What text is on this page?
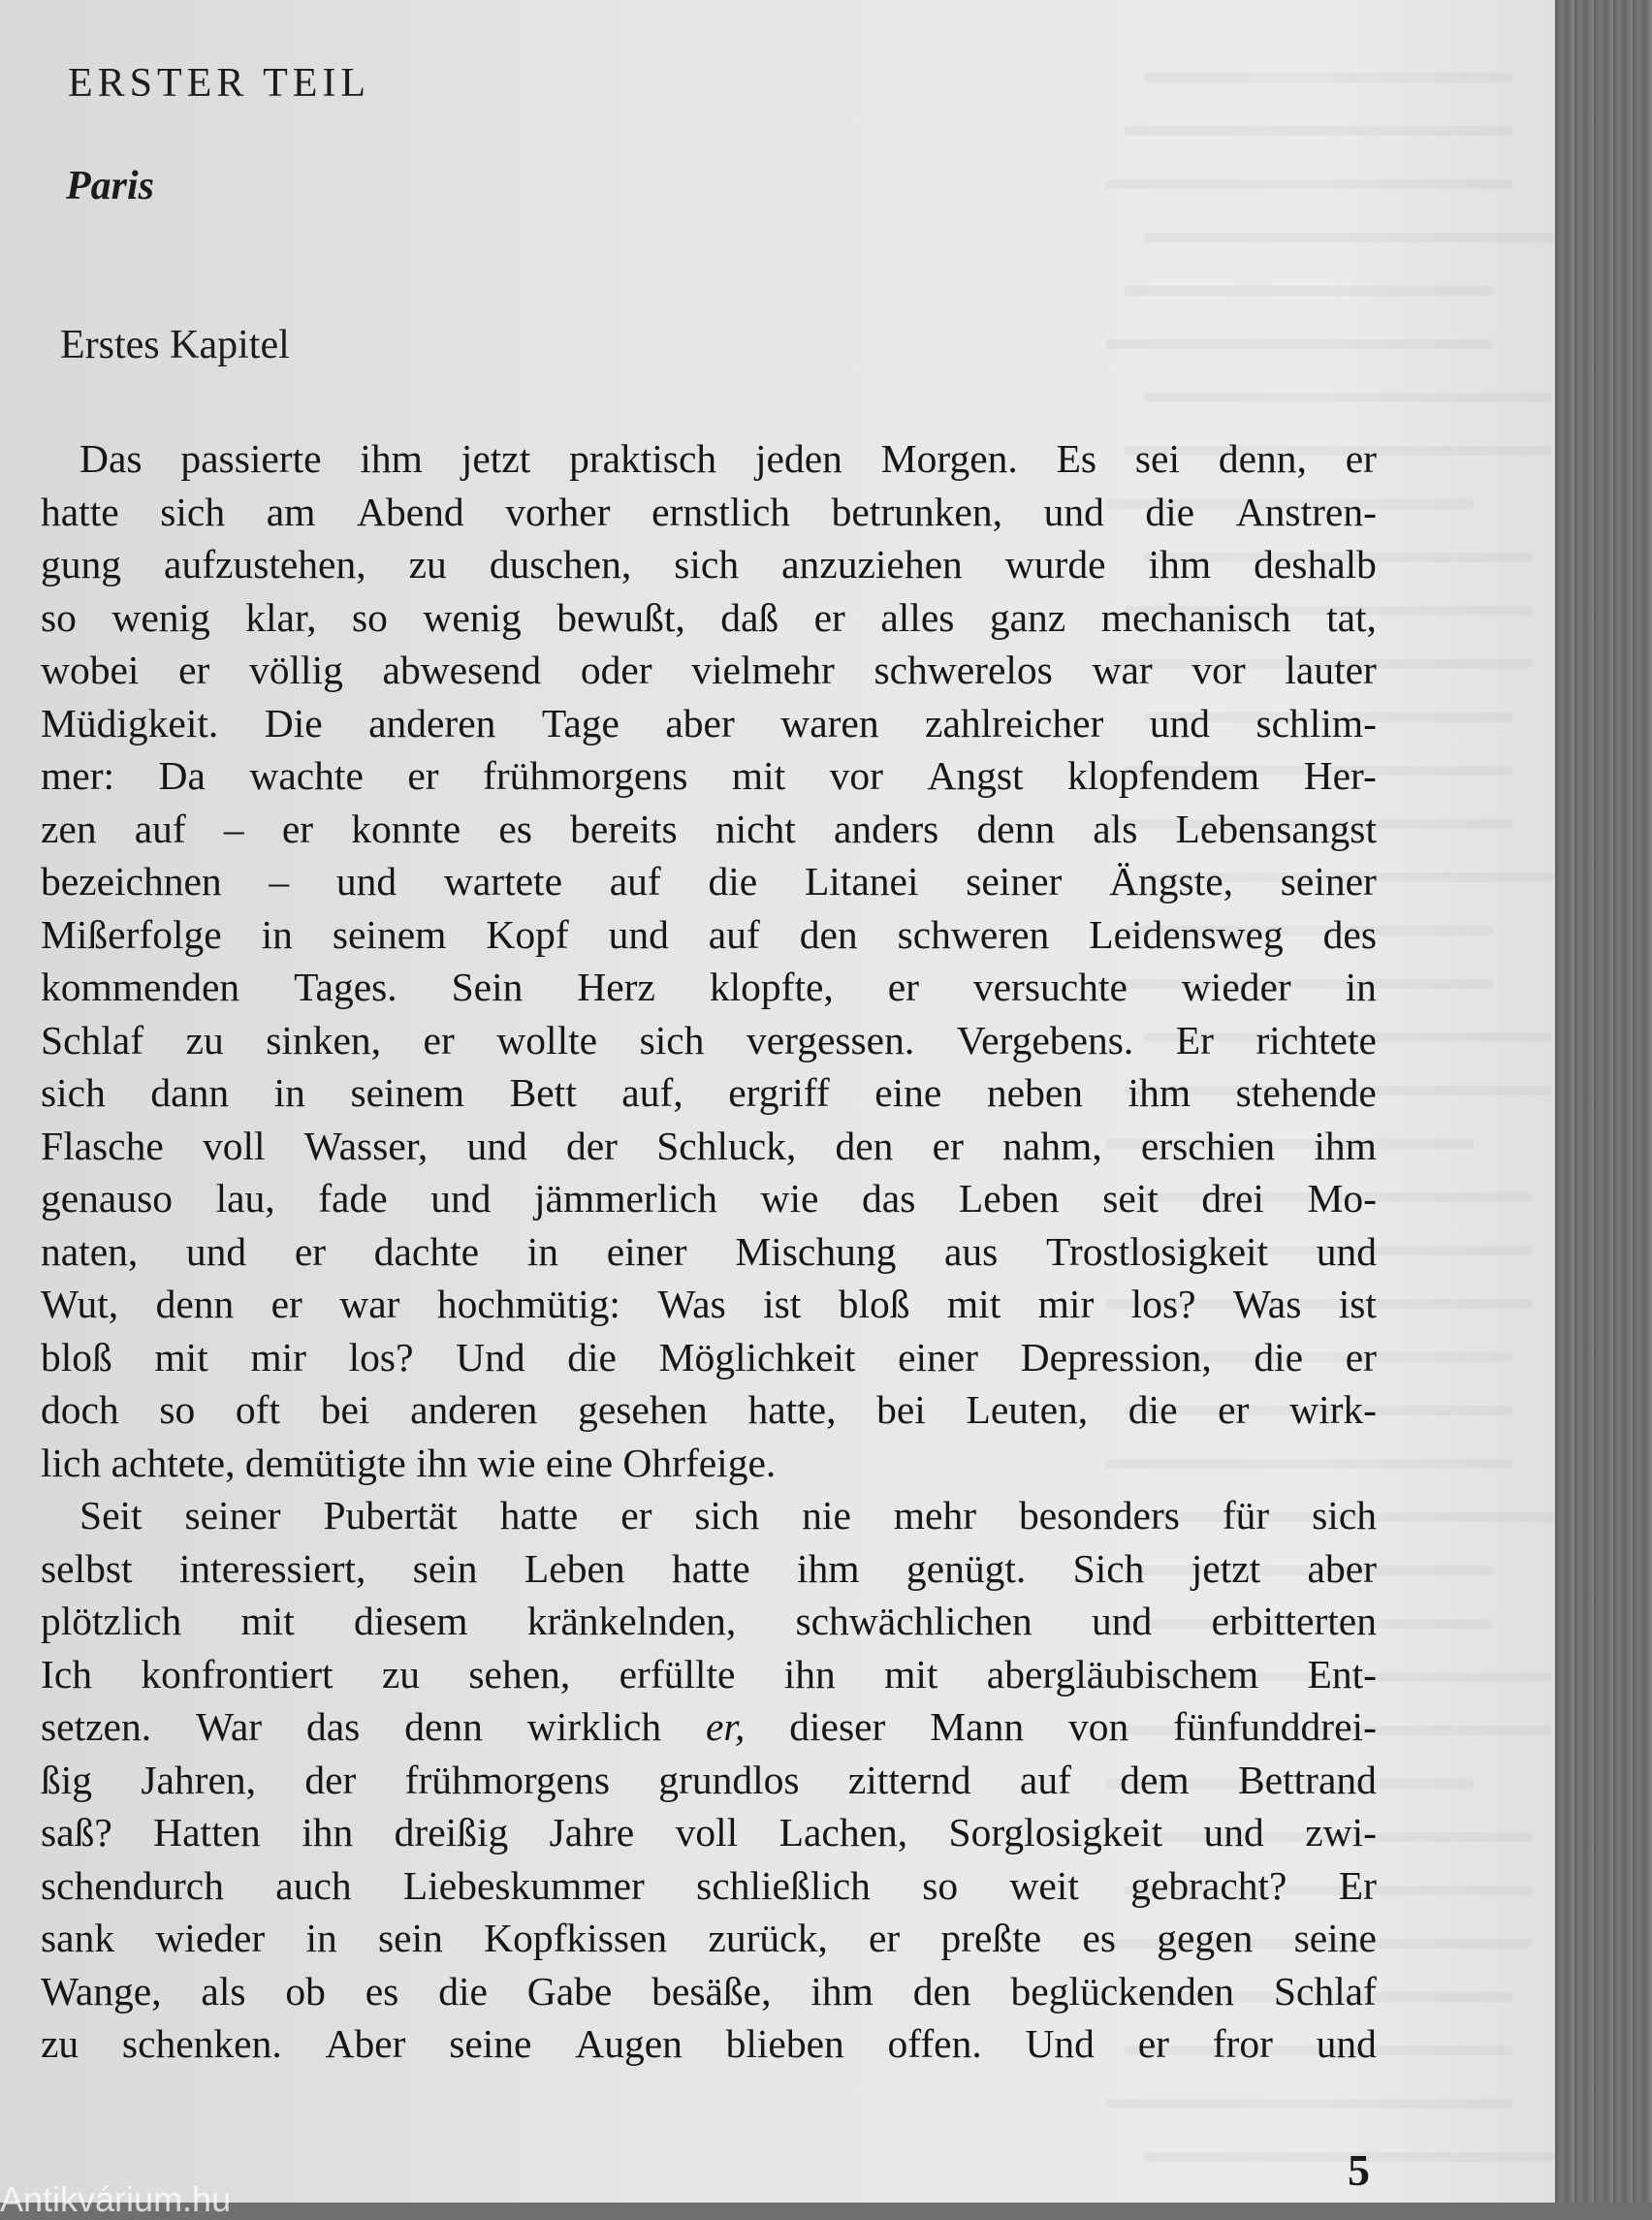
ERSTER TEIL
Paris
Erstes Kapitel
Das passierte ihm jetzt praktisch jeden Morgen. Es sei denn, er
hatte sich am Abend vorher ernstlich betrunken, und die Anstren-
gung aufzustehen, zu duschen, sich anzuziehen wurde ihm deshalb
so wenig klar, so wenig bewußt, daß er alles ganz mechanisch tat,
wobei er völlig abwesend oder vielmehr schwerelos war vor lauter
Müdigkeit. Die anderen Tage aber waren zahlreicher und schlim-
mer: Da wachte er frühmorgens mit vor Angst klopfendem Her-
zen auf – er konnte es bereits nicht anders denn als Lebensangst
bezeichnen – und wartete auf die Litanei seiner Ängste, seiner
Mißerfolge in seinem Kopf und auf den schweren Leidensweg des
kommenden Tages. Sein Herz klopfte, er versuchte wieder in
Schlaf zu sinken, er wollte sich vergessen. Vergebens. Er richtete
sich dann in seinem Bett auf, ergriff eine neben ihm stehende
Flasche voll Wasser, und der Schluck, den er nahm, erschien ihm
genauso lau, fade und jämmerlich wie das Leben seit drei Mo-
naten, und er dachte in einer Mischung aus Trostlosigkeit und
Wut, denn er war hochmütig: Was ist bloß mit mir los? Was ist
bloß mit mir los? Und die Möglichkeit einer Depression, die er
doch so oft bei anderen gesehen hatte, bei Leuten, die er wirk-
lich achtete, demütigte ihn wie eine Ohrfeige.
Seit seiner Pubertät hatte er sich nie mehr besonders für sich
selbst interessiert, sein Leben hatte ihm genügt. Sich jetzt aber
plötzlich mit diesem kränkelnden, schwächlichen und erbitterten
Ich konfrontiert zu sehen, erfüllte ihn mit abergläubischem Ent-
setzen. War das denn wirklich er, dieser Mann von fünfunddrei-
ßig Jahren, der frühmorgens grundlos zitternd auf dem Bettrand
saß? Hatten ihn dreißig Jahre voll Lachen, Sorglosigkeit und zwi-
schendurch auch Liebeskummer schließlich so weit gebracht? Er
sank wieder in sein Kopfkissen zurück, er preßte es gegen seine
Wange, als ob es die Gabe besäße, ihm den beglückenden Schlaf
zu schenken. Aber seine Augen blieben offen. Und er fror und
5
Antikvárium.hu
